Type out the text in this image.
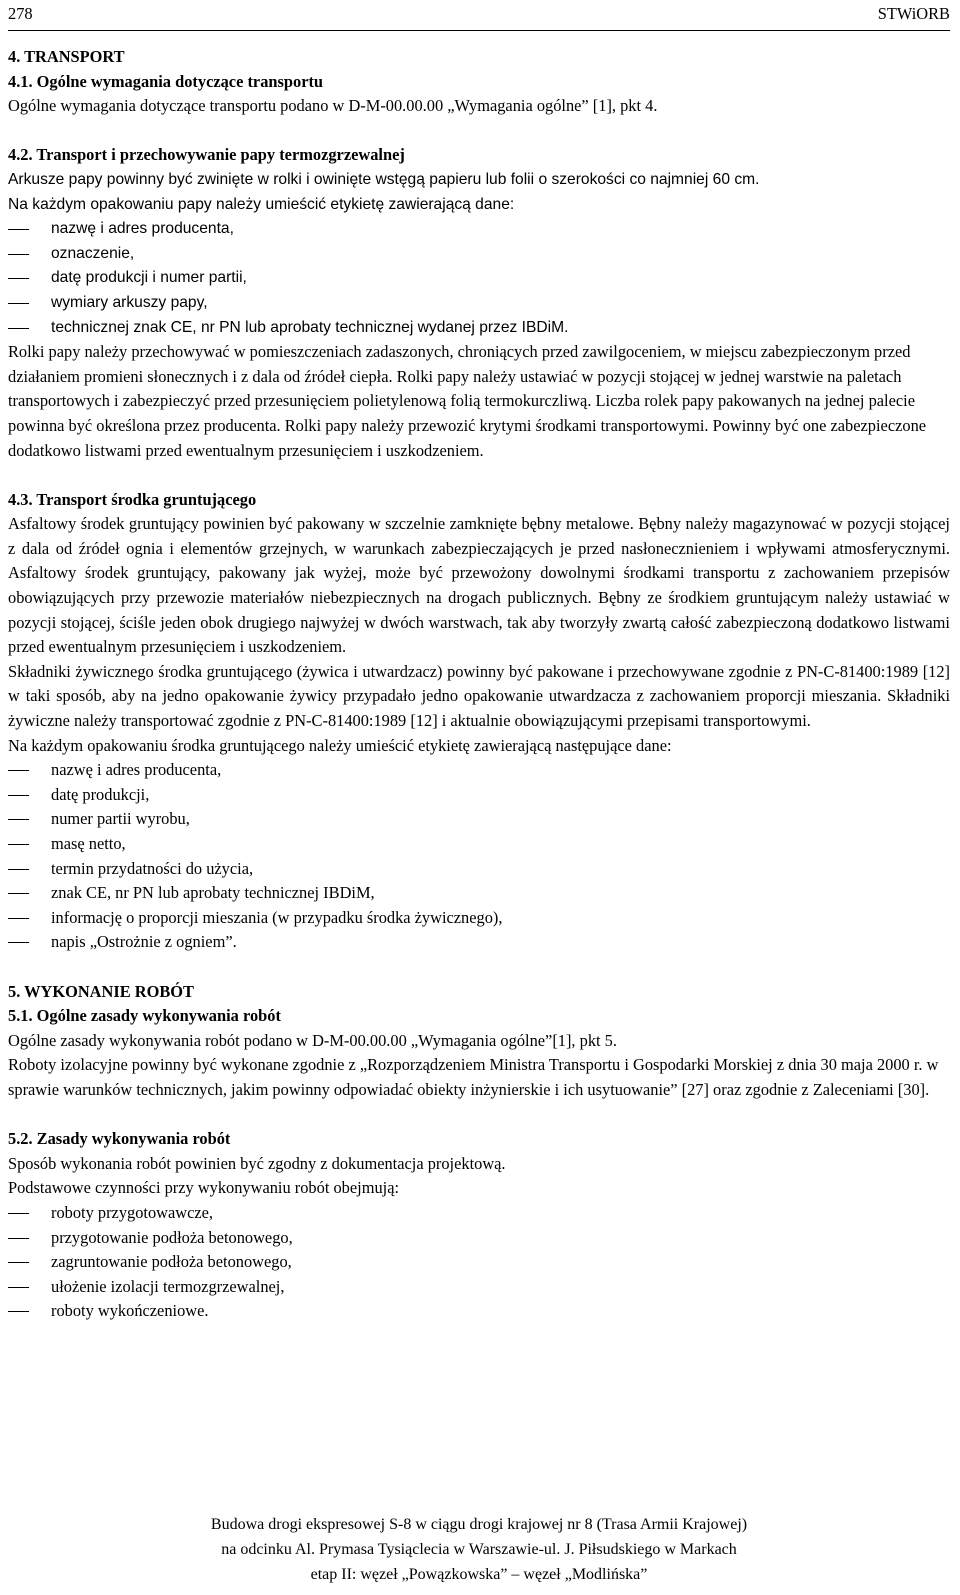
278	STWiORB

4. TRANSPORT

4.1. Ogólne wymagania dotyczące transportu

Ogólne wymagania dotyczące transportu podano w D-M-00.00.00 „Wymagania ogólne” [1], pkt 4.

4.2. Transport i przechowywanie papy termozgrzewalnej

Arkusze papy powinny być zwinięte w rolki i owinięte wstęgą papieru lub folii o szerokości co najmniej 60 cm.

Na każdym opakowaniu papy należy umieścić etykietę zawierającą dane:

nazwę i adres producenta,
oznaczenie,
datę produkcji i numer partii,
wymiary arkuszy papy,
technicznej znak CE, nr PN lub aprobaty technicznej wydanej przez IBDiM.

Rolki papy należy przechowywać w pomieszczeniach zadaszonych, chroniących przed zawilgoceniem, w miejscu zabezpieczonym przed działaniem promieni słonecznych i z dala od źródeł ciepła. Rolki papy należy ustawiać w pozycji stojącej w jednej warstwie na paletach transportowych i zabezpieczyć przed przesunięciem polietylenową folią termokurczliwą. Liczba rolek papy pakowanych na jednej palecie powinna być określona przez producenta. Rolki papy należy przewozić krytymi środkami transportowymi. Powinny być one zabezpieczone dodatkowo listwami przed ewentualnym przesunięciem i uszkodzeniem.

4.3. Transport środka gruntującego

Asfaltowy środek gruntujący powinien być pakowany w szczelnie zamknięte bębny metalowe. Bębny należy magazynować w pozycji stojącej z dala od źródeł ognia i elementów grzejnych, w warunkach zabezpieczających je przed nasłonecznieniem i wpływami atmosferycznymi. Asfaltowy środek gruntujący, pakowany jak wyżej, może być przewożony dowolnymi środkami transportu z zachowaniem przepisów obowiązujących przy przewozie materiałów niebezpiecznych na drogach publicznych. Bębny ze środkiem gruntującym należy ustawiać w pozycji stojącej, ściśle jeden obok drugiego najwyżej w dwóch warstwach, tak aby tworzyły zwartą całość zabezpieczoną dodatkowo listwami przed ewentualnym przesunięciem i uszkodzeniem.

Składniki żywicznego środka gruntującego (żywica i utwardzacz) powinny być pakowane i przechowywane zgodnie z PN-C-81400:1989 [12] w taki sposób, aby na jedno opakowanie żywicy przypadało jedno opakowanie utwardzacza z zachowaniem proporcji mieszania. Składniki żywiczne należy transportować zgodnie z PN-C-81400:1989 [12] i aktualnie obowiązującymi przepisami transportowymi.

Na każdym opakowaniu środka gruntującego należy umieścić etykietę zawierającą następujące dane:

nazwę i adres producenta,
datę produkcji,
numer partii wyrobu,
masę netto,
termin przydatności do użycia,
znak CE, nr PN lub aprobaty technicznej IBDiM,
informację o proporcji mieszania (w przypadku środka żywicznego),
napis „Ostrożnie z ogniem”.

5. WYKONANIE ROBÓT

5.1. Ogólne zasady wykonywania robót

Ogólne zasady wykonywania robót podano w D-M-00.00.00 „Wymagania ogólne”[1], pkt 5.

Roboty izolacyjne powinny być wykonane zgodnie z „Rozporządzeniem Ministra Transportu i Gospodarki Morskiej z dnia 30 maja 2000 r. w sprawie warunków technicznych, jakim powinny odpowiadać obiekty inżynierskie i ich usytuowanie” [27] oraz zgodnie z Zaleceniami [30].

5.2. Zasady wykonywania robót

Sposób wykonania robót powinien być zgodny z dokumentacja projektową.

Podstawowe czynności przy wykonywaniu robót obejmują:

roboty przygotowawcze,
przygotowanie podłoża betonowego,
zagruntowanie podłoża betonowego,
ułożenie izolacji termozgrzewalnej,
roboty wykończeniowe.
Budowa drogi ekspresowej S-8 w ciągu drogi krajowej nr 8 (Trasa Armii Krajowej)
na odcinku Al. Prymasa Tysiąclecia w Warszawie-ul. J. Piłsudskiego w Markach
etap II: węzeł „Powązkowska” – węzeł „Modlińska”
